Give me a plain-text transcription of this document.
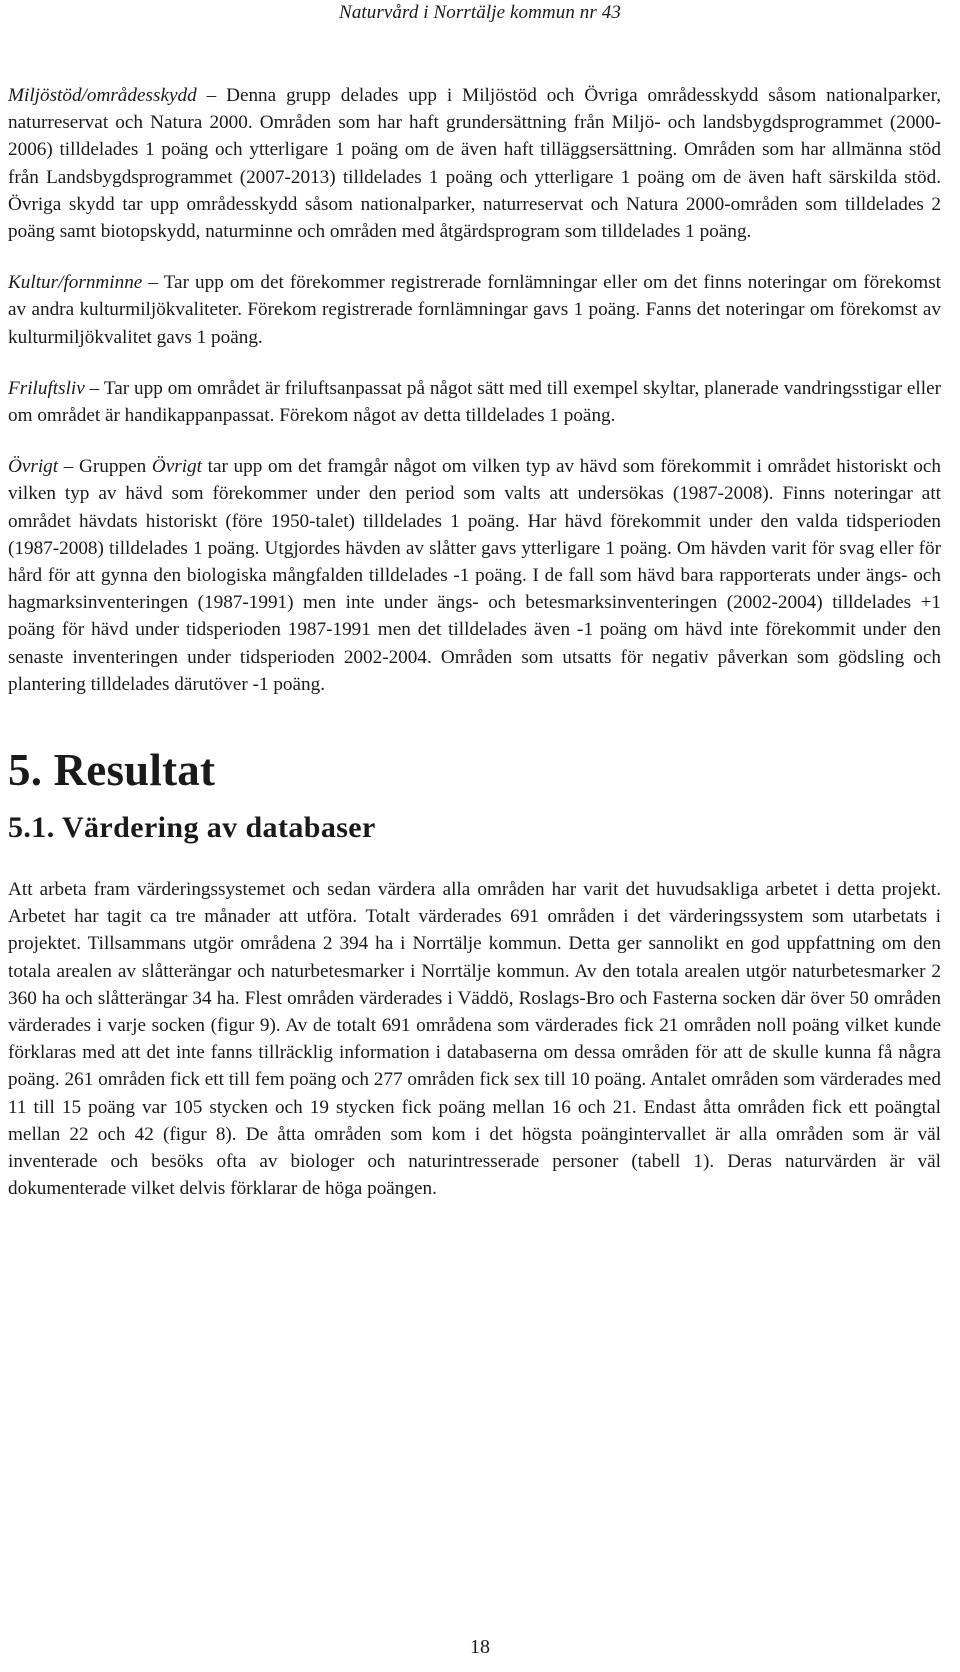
Naturvård i Norrtälje kommun nr 43

Miljöstöd/områdesskydd – Denna grupp delades upp i Miljöstöd och Övriga områdesskydd såsom nationalparker, naturreservat och Natura 2000. Områden som har haft grundersättning från Miljö- och landsbygdsprogrammet (2000-2006) tilldelades 1 poäng och ytterligare 1 poäng om de även haft tilläggsersättning. Områden som har allmänna stöd från Landsbygdsprogrammet (2007-2013) tilldelades 1 poäng och ytterligare 1 poäng om de även haft särskilda stöd. Övriga skydd tar upp områdesskydd såsom nationalparker, naturreservat och Natura 2000-områden som tilldelades 2 poäng samt biotopskydd, naturminne och områden med åtgärdsprogram som tilldelades 1 poäng.

Kultur/fornminne – Tar upp om det förekommer registrerade fornlämningar eller om det finns noteringar om förekomst av andra kulturmiljökvaliteter. Förekom registrerade fornlämningar gavs 1 poäng. Fanns det noteringar om förekomst av kulturmiljökvalitet gavs 1 poäng.

Friluftsliv – Tar upp om området är friluftsanpassat på något sätt med till exempel skyltar, planerade vandringsstigar eller om området är handikappanpassat. Förekom något av detta tilldelades 1 poäng.

Övrigt – Gruppen Övrigt tar upp om det framgår något om vilken typ av hävd som förekommit i området historiskt och vilken typ av hävd som förekommer under den period som valts att undersökas (1987-2008). Finns noteringar att området hävdats historiskt (före 1950-talet) tilldelades 1 poäng. Har hävd förekommit under den valda tidsperioden (1987-2008) tilldelades 1 poäng. Utgjordes hävden av slåtter gavs ytterligare 1 poäng. Om hävden varit för svag eller för hård för att gynna den biologiska mångfalden tilldelades -1 poäng. I de fall som hävd bara rapporterats under ängs- och hagmarksinventeringen (1987-1991) men inte under ängs- och betesmarksinventeringen (2002-2004) tilldelades +1 poäng för hävd under tidsperioden 1987-1991 men det tilldelades även -1 poäng om hävd inte förekommit under den senaste inventeringen under tidsperioden 2002-2004. Områden som utsatts för negativ påverkan som gödsling och plantering tilldelades därutöver -1 poäng.

5. Resultat
5.1. Värdering av databaser

Att arbeta fram värderingssystemet och sedan värdera alla områden har varit det huvudsakliga arbetet i detta projekt. Arbetet har tagit ca tre månader att utföra. Totalt värderades 691 områden i det värderingssystem som utarbetats i projektet. Tillsammans utgör områdena 2 394 ha i Norrtälje kommun. Detta ger sannolikt en god uppfattning om den totala arealen av slåtterängar och naturbetesmarker i Norrtälje kommun. Av den totala arealen utgör naturbetesmarker 2 360 ha och slåtterängar 34 ha. Flest områden värderades i Väddö, Roslags-Bro och Fasterna socken där över 50 områden värderades i varje socken (figur 9). Av de totalt 691 områdena som värderades fick 21 områden noll poäng vilket kunde förklaras med att det inte fanns tillräcklig information i databaserna om dessa områden för att de skulle kunna få några poäng. 261 områden fick ett till fem poäng och 277 områden fick sex till 10 poäng. Antalet områden som värderades med 11 till 15 poäng var 105 stycken och 19 stycken fick poäng mellan 16 och 21. Endast åtta områden fick ett poängtal mellan 22 och 42 (figur 8). De åtta områden som kom i det högsta poängintervallet är alla områden som är väl inventerade och besöks ofta av biologer och naturintresserade personer (tabell 1). Deras naturvärden är väl dokumenterade vilket delvis förklarar de höga poängen.

18
